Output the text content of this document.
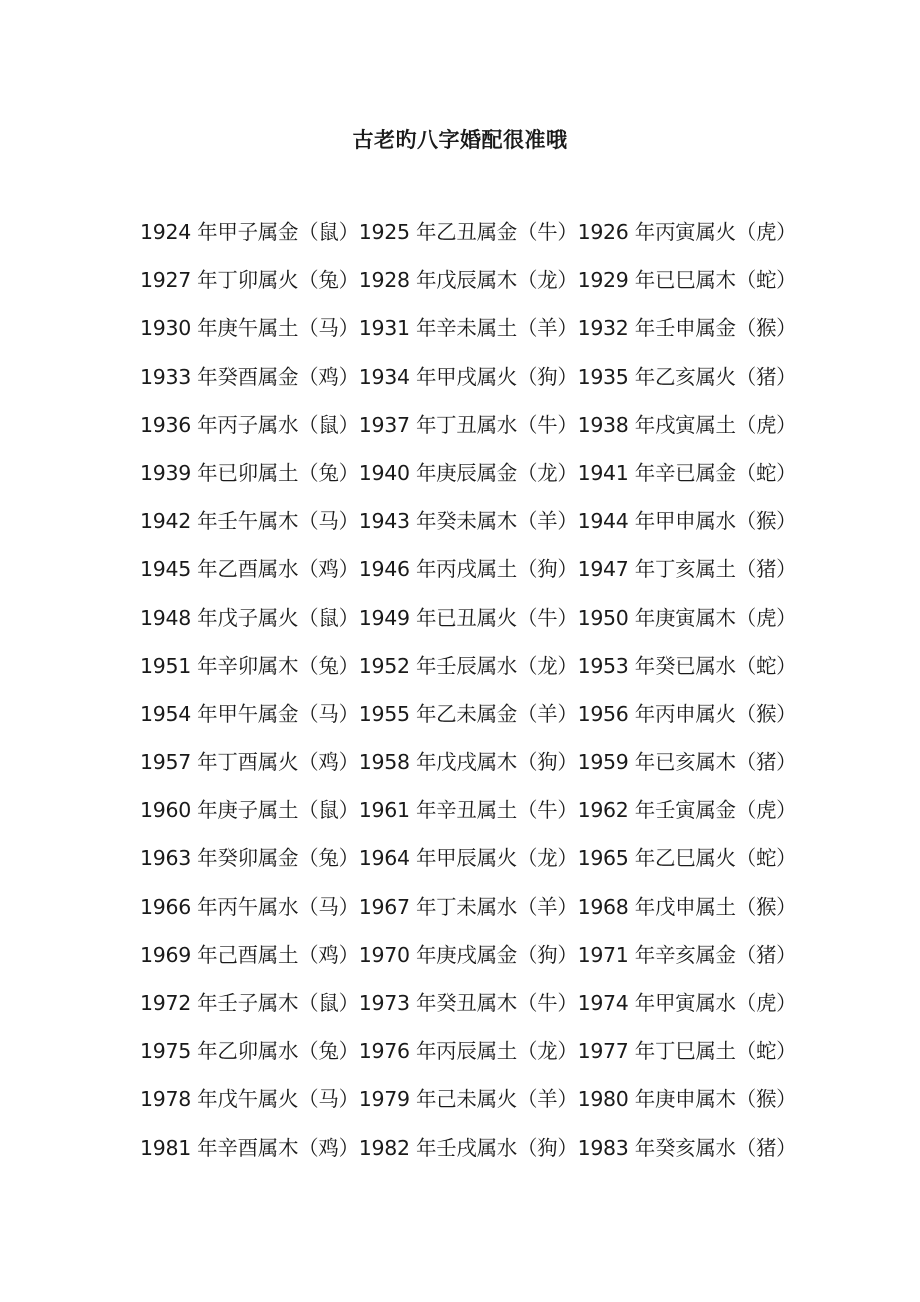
古老旳八字婚配很准哦
1924 年甲子属金（鼠）1925 年乙丑属金（牛）1926 年丙寅属火（虎）
1927 年丁卯属火（兔）1928 年戊辰属木（龙）1929 年已巳属木（蛇）
1930 年庚午属土（马）1931 年辛未属土（羊）1932 年壬申属金（猴）
1933 年癸酉属金（鸡）1934 年甲戌属火（狗）1935 年乙亥属火（猪）
1936 年丙子属水（鼠）1937 年丁丑属水（牛）1938 年戌寅属土（虎）
1939 年已卯属土（兔）1940 年庚辰属金（龙）1941 年辛已属金（蛇）
1942 年壬午属木（马）1943 年癸未属木（羊）1944 年甲申属水（猴）
1945 年乙酉属水（鸡）1946 年丙戌属土（狗）1947 年丁亥属土（猪）
1948 年戊子属火（鼠）1949 年已丑属火（牛）1950 年庚寅属木（虎）
1951 年辛卯属木（兔）1952 年壬辰属水（龙）1953 年癸已属水（蛇）
1954 年甲午属金（马）1955 年乙未属金（羊）1956 年丙申属火（猴）
1957 年丁酉属火（鸡）1958 年戊戌属木（狗）1959 年已亥属木（猪）
1960 年庚子属土（鼠）1961 年辛丑属土（牛）1962 年壬寅属金（虎）
1963 年癸卯属金（兔）1964 年甲辰属火（龙）1965 年乙巳属火（蛇）
1966 年丙午属水（马）1967 年丁未属水（羊）1968 年戊申属土（猴）
1969 年己酉属土（鸡）1970 年庚戌属金（狗）1971 年辛亥属金（猪）
1972 年壬子属木（鼠）1973 年癸丑属木（牛）1974 年甲寅属水（虎）
1975 年乙卯属水（兔）1976 年丙辰属土（龙）1977 年丁巳属土（蛇）
1978 年戊午属火（马）1979 年己未属火（羊）1980 年庚申属木（猴）
1981 年辛酉属木（鸡）1982 年壬戌属水（狗）1983 年癸亥属水（猪）
